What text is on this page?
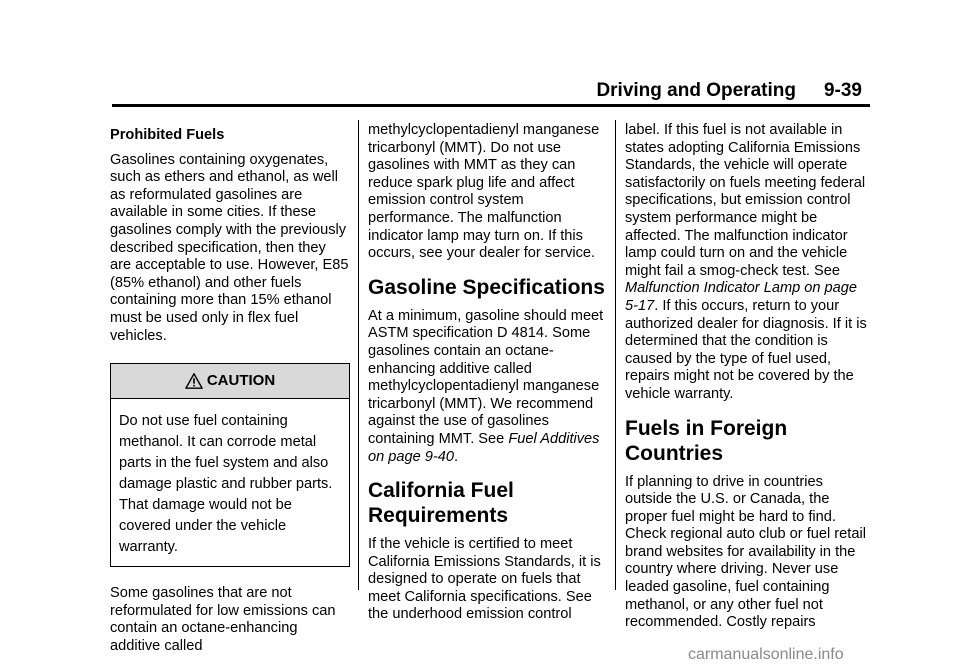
Driving and Operating 9-39
Prohibited Fuels

Gasolines containing oxygenates, such as ethers and ethanol, as well as reformulated gasolines are available in some cities. If these gasolines comply with the previously described specification, then they are acceptable to use. However, E85 (85% ethanol) and other fuels containing more than 15% ethanol must be used only in flex fuel vehicles.

CAUTION
Do not use fuel containing methanol. It can corrode metal parts in the fuel system and also damage plastic and rubber parts. That damage would not be covered under the vehicle warranty.

Some gasolines that are not reformulated for low emissions can contain an octane-enhancing additive called

methylcyclopentadienyl manganese tricarbonyl (MMT). Do not use gasolines with MMT as they can reduce spark plug life and affect emission control system performance. The malfunction indicator lamp may turn on. If this occurs, see your dealer for service.

Gasoline Specifications

At a minimum, gasoline should meet ASTM specification D 4814. Some gasolines contain an octane-enhancing additive called methylcyclopentadienyl manganese tricarbonyl (MMT). We recommend against the use of gasolines containing MMT. See Fuel Additives on page 9-40.

California Fuel Requirements

If the vehicle is certified to meet California Emissions Standards, it is designed to operate on fuels that meet California specifications. See the underhood emission control

label. If this fuel is not available in states adopting California Emissions Standards, the vehicle will operate satisfactorily on fuels meeting federal specifications, but emission control system performance might be affected. The malfunction indicator lamp could turn on and the vehicle might fail a smog-check test. See Malfunction Indicator Lamp on page 5-17. If this occurs, return to your authorized dealer for diagnosis. If it is determined that the condition is caused by the type of fuel used, repairs might not be covered by the vehicle warranty.

Fuels in Foreign Countries

If planning to drive in countries outside the U.S. or Canada, the proper fuel might be hard to find. Check regional auto club or fuel retail brand websites for availability in the country where driving. Never use leaded gasoline, fuel containing methanol, or any other fuel not recommended. Costly repairs

carmanualsonline.info
